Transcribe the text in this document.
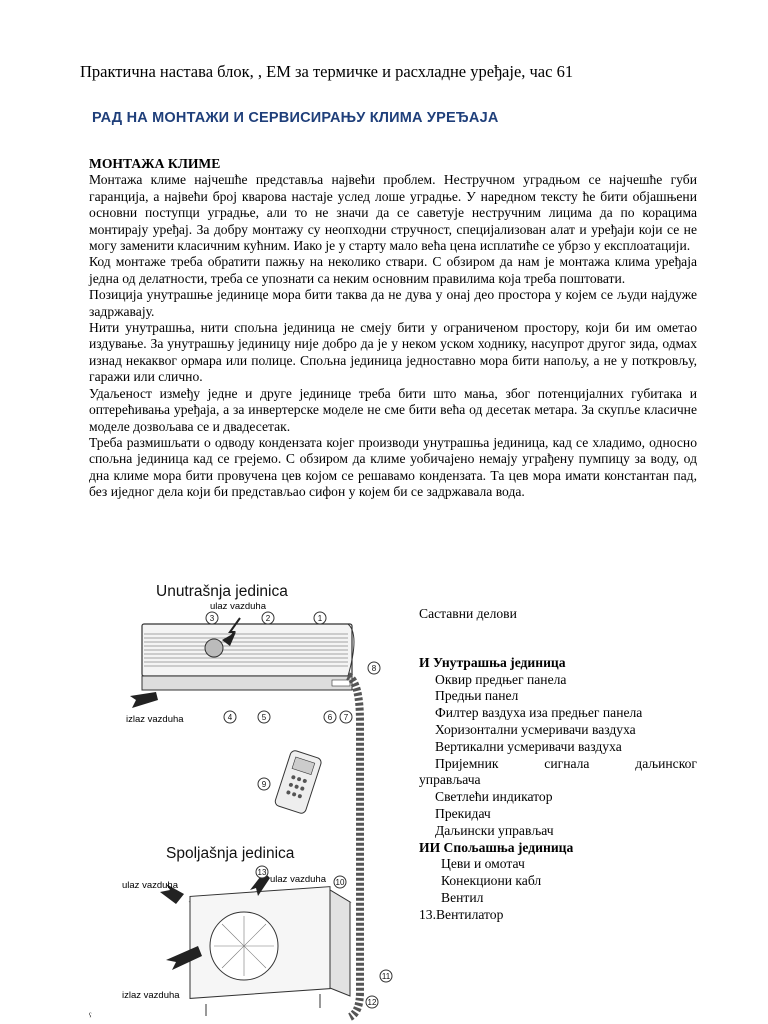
Практична настава блок, , ЕМ за термичке и расхладне уређаје, час 61
РАД НА МОНТАЖИ И СЕРВИСИРАЊУ КЛИМА УРЕЂАЈА

МОНТАЖА КЛИМЕ

Монтажа климе најчешће представља највећи проблем. Нестручном уградњом се најчешће губи гаранција, а највећи број кварова настаје услед лоше уградње. У наредном тексту ће бити објашњени основни поступци уградње, али то не значи да се саветује нестручним лицима да по корацима монтирају уређај. За добру монтажу су неопходни стручност, специјализован алат и уређаји који се не могу заменити класичним кућним. Иако је у старту мало већа цена исплатиће се убрзо у експлоатацији.

Код монтаже треба обратити пажњу на неколико ствари. С обзиром да нам је монтажа клима уређаја једна од делатности, треба се упознати са неким основним правилима која треба поштовати.

Позиција унутрашње јединице мора бити таква да не дува у онај део простора у којем се људи најдуже задржавају.

Нити унутрашња, нити спољна јединица не смеју бити у ограниченом простору, који би им ометао издување. За унутрашњу јединицу није добро да је у неком уском ходнику, насупрот другог зида, одмах изнад некаквог ормара или полице. Спољна јединица једноставно мора бити напољу, а не у поткровљу, гаражи или слично.

Удаљеност између једне и друге јединице треба бити што мања, због потенцијалних губитака и оптерећивања уређаја, а за инвертерске моделе не сме бити већа од десетак метара. За скупље класичне моделе дозвољава се и двадесетак.

Треба размишљати о одводу кондензата којег производи унутрашња јединица, кад се хладимо, односно спољна јединица кад се грејемо. С обзиром да климе уобичајено немају уграђену пумпицу за воду, од дна климе мора бити провучена цев којом се решавамо кондензата. Та цев мора имати константан пад, без иједног дела који би представљао сифон у којем би се задржавала вода.

Unutrašnja jedinica
Spoljašnja jedinica
ulaz vazduha
izlaz vazduha
ulaz vazduha
ulaz vazduha
izlaz vazduha
1
2
3
4	5	6 7
8
9
10
11
12
13
Саставни делови
И Унутрашња јединица
Оквир предњег панела
Предњи панел
Филтер ваздуха иза предњег панела
Хоризонтални усмеривачи ваздуха
Вертикални усмеривачи ваздуха
Пријемник сигнала даљинског
управљача
Светлећи индикатор
Прекидач
Даљински управљач
ИИ Спољашња јединица
Цеви и омотач
Конекциони кабл
Вентил
13.Вентилатор
ˁ
